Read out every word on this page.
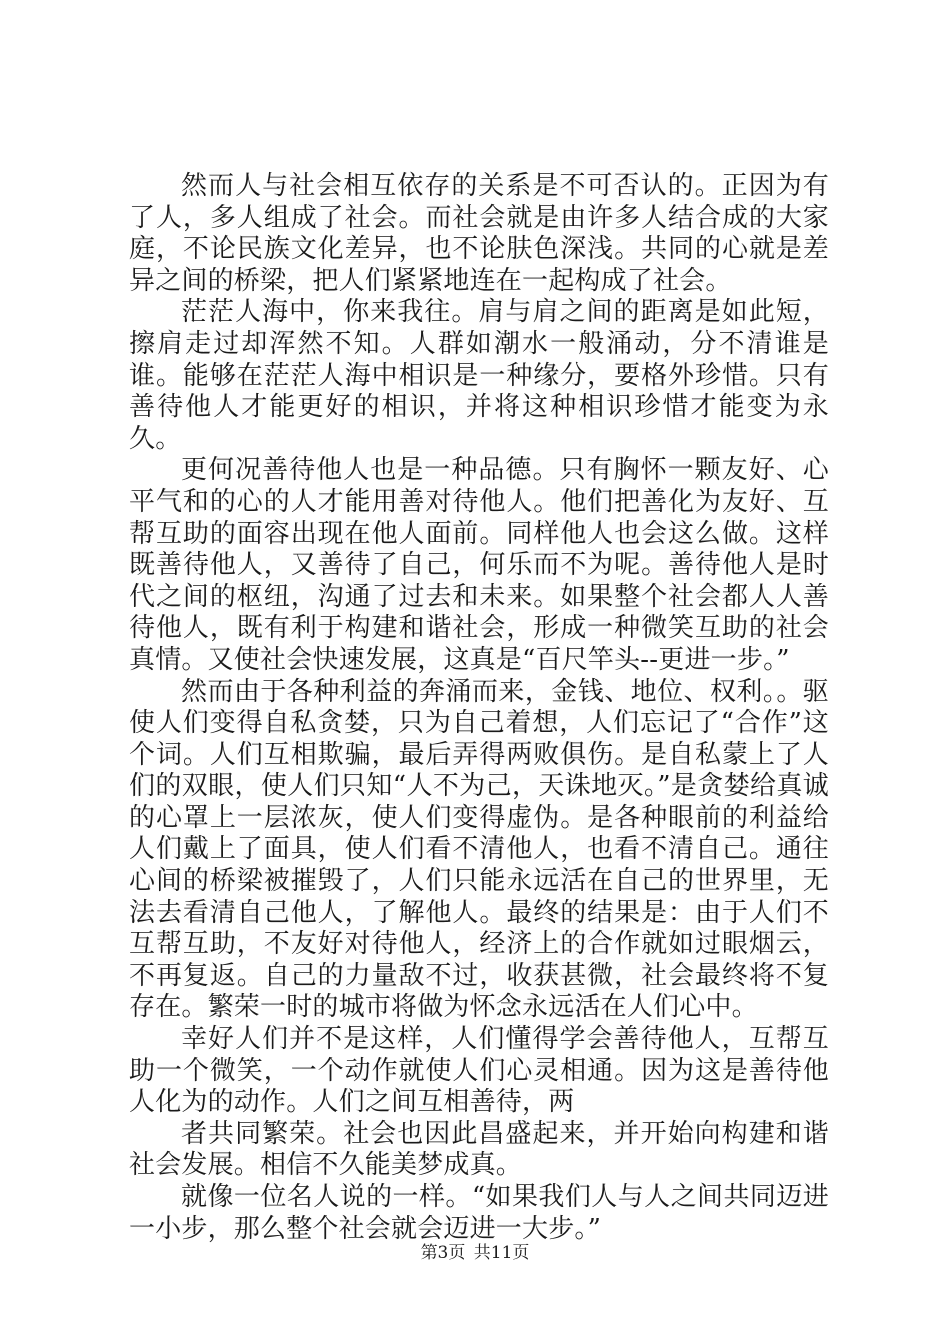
然而人与社会相互依存的关系是不可否认的。正因为有了人，多人组成了社会。而社会就是由许多人结合成的大家庭，不论民族文化差异，也不论肤色深浅。共同的心就是差异之间的桥梁，把人们紧紧地连在一起构成了社会。

茫茫人海中，你来我往。肩与肩之间的距离是如此短，擦肩走过却浑然不知。人群如潮水一般涌动，分不清谁是谁。能够在茫茫人海中相识是一种缘分，要格外珍惜。只有善待他人才能更好的相识，并将这种相识珍惜才能变为永久。

更何况善待他人也是一种品德。只有胸怀一颗友好、心平气和的心的人才能用善对待他人。他们把善化为友好、互帮互助的面容出现在他人面前。同样他人也会这么做。这样既善待他人，又善待了自己，何乐而不为呢。善待他人是时代之间的枢纽，沟通了过去和未来。如果整个社会都人人善待他人，既有利于构建和谐社会，形成一种微笑互助的社会真情。又使社会快速发展，这真是“百尺竿头--更进一步。”

然而由于各种利益的奔涌而来，金钱、地位、权利。。驱使人们变得自私贪婪，只为自己着想，人们忘记了“合作”这个词。人们互相欺骗，最后弄得两败俱伤。是自私蒙上了人们的双眼，使人们只知“人不为己，天诛地灭。”是贪婪给真诚的心罩上一层浓灰，使人们变得虚伪。是各种眼前的利益给人们戴上了面具，使人们看不清他人，也看不清自己。通往心间的桥梁被摧毁了，人们只能永远活在自己的世界里，无法去看清自己他人，了解他人。最终的结果是：由于人们不互帮互助，不友好对待他人，经济上的合作就如过眼烟云，不再复返。自己的力量敌不过，收获甚微，社会最终将不复存在。繁荣一时的城市将做为怀念永远活在人们心中。

幸好人们并不是这样，人们懂得学会善待他人，互帮互助一个微笑，一个动作就使人们心灵相通。因为这是善待他人化为的动作。人们之间互相善待，两

者共同繁荣。社会也因此昌盛起来，并开始向构建和谐社会发展。相信不久能美梦成真。

就像一位名人说的一样。“如果我们人与人之间共同迈进一小步，那么整个社会就会迈进一大步。”

第3页 共11页
